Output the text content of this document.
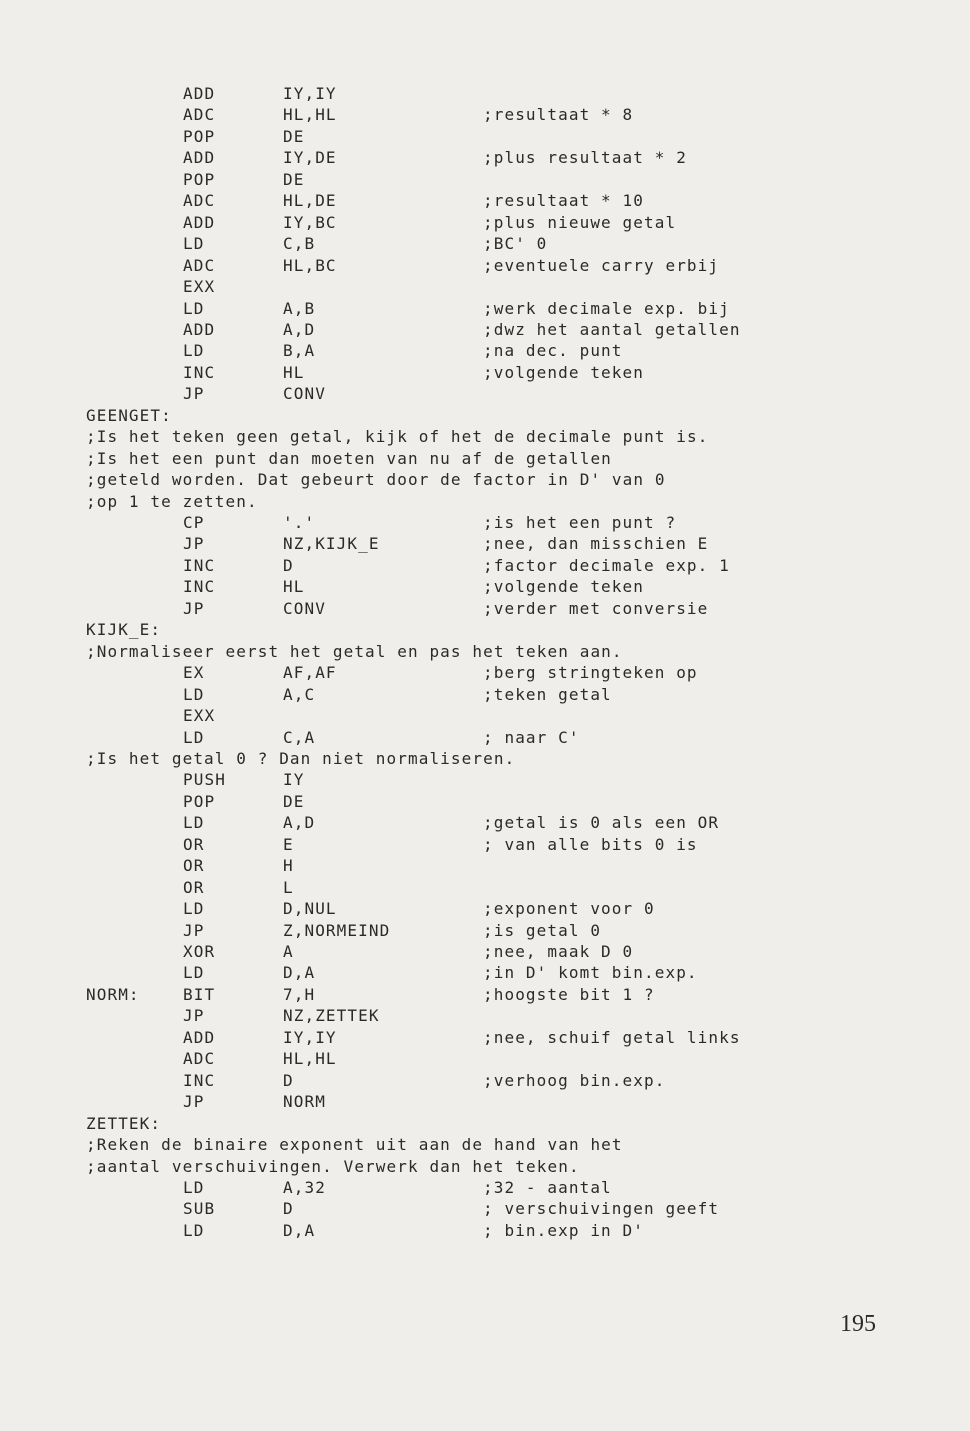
ADD	IY,IY
ADC	HL,HL	;resultaat * 8
POP	DE
ADD	IY,DE	;plus resultaat * 2
POP	DE
ADC	HL,DE	;resultaat * 10
ADD	IY,BC	;plus nieuwe getal
LD	C,B	;BC' 0
ADC	HL,BC	;eventuele carry erbij
EXX
LD	A,B	;werk decimale exp. bij
ADD	A,D	;dwz het aantal getallen
LD	B,A	;na dec. punt
INC	HL	;volgende teken
JP	CONV
GEENGET:
;Is het teken geen getal, kijk of het de decimale punt is.
;Is het een punt dan moeten van nu af de getallen
;geteld worden. Dat gebeurt door de factor in D' van 0
;op 1 te zetten.
CP	'.'	;is het een punt ?
JP	NZ,KIJK_E	;nee, dan misschien E
INC	D	;factor decimale exp. 1
INC	HL	;volgende teken
JP	CONV	;verder met conversie
KIJK_E:
;Normaliseer eerst het getal en pas het teken aan.
EX	AF,AF	;berg stringteken op
LD	A,C	;teken getal
EXX
LD	C,A	; naar C'
;Is het getal 0 ? Dan niet normaliseren.
PUSH	IY
POP	DE
LD	A,D	;getal is 0 als een OR
OR	E	; van alle bits 0 is
OR	H
OR	L
LD	D,NUL	;exponent voor 0
JP	Z,NORMEIND	;is getal 0
XOR	A	;nee, maak D 0
LD	D,A	;in D' komt bin.exp.
NORM:	BIT	7,H	;hoogste bit 1 ?
JP	NZ,ZETTEK
ADD	IY,IY	;nee, schuif getal links
ADC	HL,HL
INC	D	;verhoog bin.exp.
JP	NORM
ZETTEK:
;Reken de binaire exponent uit aan de hand van het
;aantal verschuivingen. Verwerk dan het teken.
LD	A,32	;32 - aantal
SUB	D	; verschuivingen geeft
LD	D,A	; bin.exp in D'
195
